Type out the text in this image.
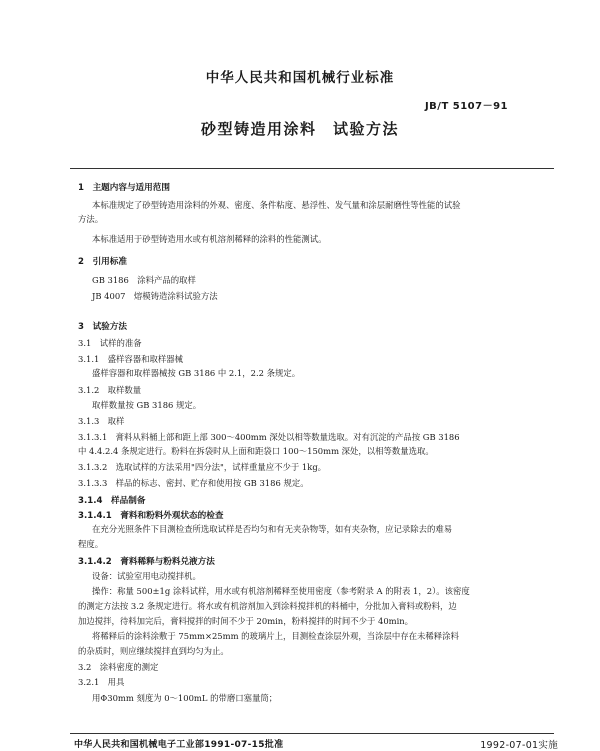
中华人民共和国机械行业标准
JB/T 5107－91
砂型铸造用涂料　试验方法
1　主题内容与适用范围
本标准规定了砂型铸造用涂料的外观、密度、条件粘度、悬浮性、发气量和涂层耐磨性等性能的试验
方法。
本标准适用于砂型铸造用水或有机溶剂稀释的涂料的性能测试。
2　引用标准
GB 3186　涂料产品的取样
JB 4007　熔模铸造涂料试验方法
3　试验方法
3.1　试样的准备
3.1.1　盛样容器和取样器械
盛样容器和取样器械按 GB 3186 中 2.1，2.2 条规定。
3.1.2　取样数量
取样数量按 GB 3186 规定。
3.1.3　取样
3.1.3.1　膏料从料桶上部和距上部 300～400mm 深处以相等数量选取。对有沉淀的产品按 GB 3186
中 4.4.2.4 条规定进行。粉料在拆袋时从上面和距袋口 100～150mm 深处，以相等数量选取。
3.1.3.2　选取试样的方法采用"四分法"，试样重量应不少于 1kg。
3.1.3.3　样品的标志、密封、贮存和使用按 GB 3186 规定。
3.1.4　样品制备
3.1.4.1　膏料和粉料外观状态的检查
在充分光照条件下目测检查所选取试样是否均匀和有无夹杂物等，如有夹杂物，应记录除去的难易
程度。
3.1.4.2　膏料稀释与粉料兑液方法
设备：试验室用电动搅拌机。
操作：称量 500±1g 涂料试样，用水或有机溶剂稀释至使用密度（参考附录 A 的附表 1，2）。该密度
的测定方法按 3.2 条规定进行。将水或有机溶剂加入到涂料搅拌机的料桶中，分批加入膏料或粉料，边
加边搅拌，待料加完后，膏料搅拌的时间不少于 20min，粉料搅拌的时间不少于 40min。
将稀释后的涂料涂敷于 75mm×25mm 的玻璃片上，目测检查涂层外观，当涂层中存在未稀释涂料
的杂质时，则应继续搅拌直到均匀为止。
3.2　涂料密度的测定
3.2.1　用具
用Φ30mm 刻度为 0～100mL 的带磨口塞量筒；
中华人民共和国机械电子工业部1991-07-15批准	1992-07-01实施
